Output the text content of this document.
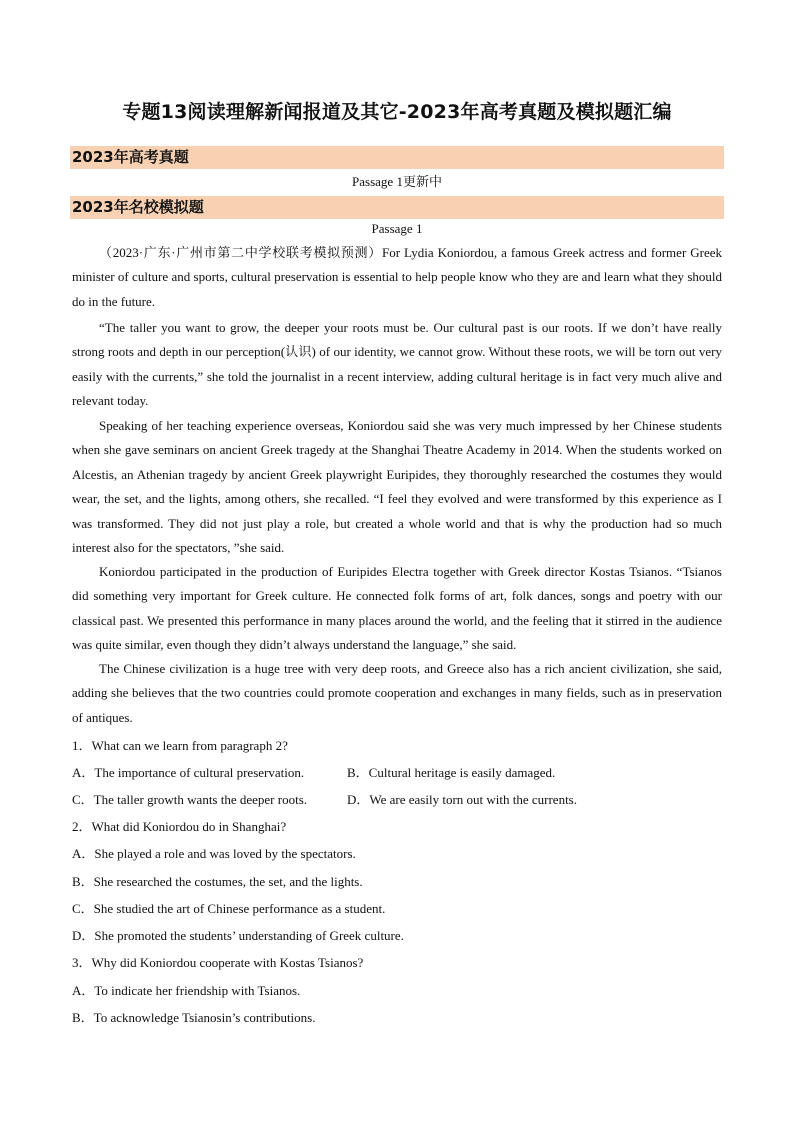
专题13阅读理解新闻报道及其它-2023年高考真题及模拟题汇编
2023年高考真题
Passage 1更新中
2023年名校模拟题
Passage 1

（2023·广东·广州市第二中学校联考模拟预测）For Lydia Koniordou, a famous Greek actress and former Greek minister of culture and sports, cultural preservation is essential to help people know who they are and learn what they should do in the future.

“The taller you want to grow, the deeper your roots must be. Our cultural past is our roots. If we don’t have really strong roots and depth in our perception(认识) of our identity, we cannot grow. Without these roots, we will be torn out very easily with the currents,” she told the journalist in a recent interview, adding cultural heritage is in fact very much alive and relevant today.

Speaking of her teaching experience overseas, Koniordou said she was very much impressed by her Chinese students when she gave seminars on ancient Greek tragedy at the Shanghai Theatre Academy in 2014. When the students worked on Alcestis, an Athenian tragedy by ancient Greek playwright Euripides, they thoroughly researched the costumes they would wear, the set, and the lights, among others, she recalled. “I feel they evolved and were transformed by this experience as I was transformed. They did not just play a role, but created a whole world and that is why the production had so much interest also for the spectators, ”she said.

Koniordou participated in the production of Euripides Electra together with Greek director Kostas Tsianos. “Tsianos did something very important for Greek culture. He connected folk forms of art, folk dances, songs and poetry with our classical past. We presented this performance in many places around the world, and the feeling that it stirred in the audience was quite similar, even though they didn’t always understand the language,” she said.

The Chinese civilization is a huge tree with very deep roots, and Greece also has a rich ancient civilization, she said, adding she believes that the two countries could promote cooperation and exchanges in many fields, such as in preservation of antiques.

1．What can we learn from paragraph 2?
A．The importance of cultural preservation.	B．Cultural heritage is easily damaged.
C．The taller growth wants the deeper roots.	D．We are easily torn out with the currents.
2．What did Koniordou do in Shanghai?
A．She played a role and was loved by the spectators.
B．She researched the costumes, the set, and the lights.
C．She studied the art of Chinese performance as a student.
D．She promoted the students’ understanding of Greek culture.
3．Why did Koniordou cooperate with Kostas Tsianos?
A．To indicate her friendship with Tsianos.
B．To acknowledge Tsianosin’s contributions.
